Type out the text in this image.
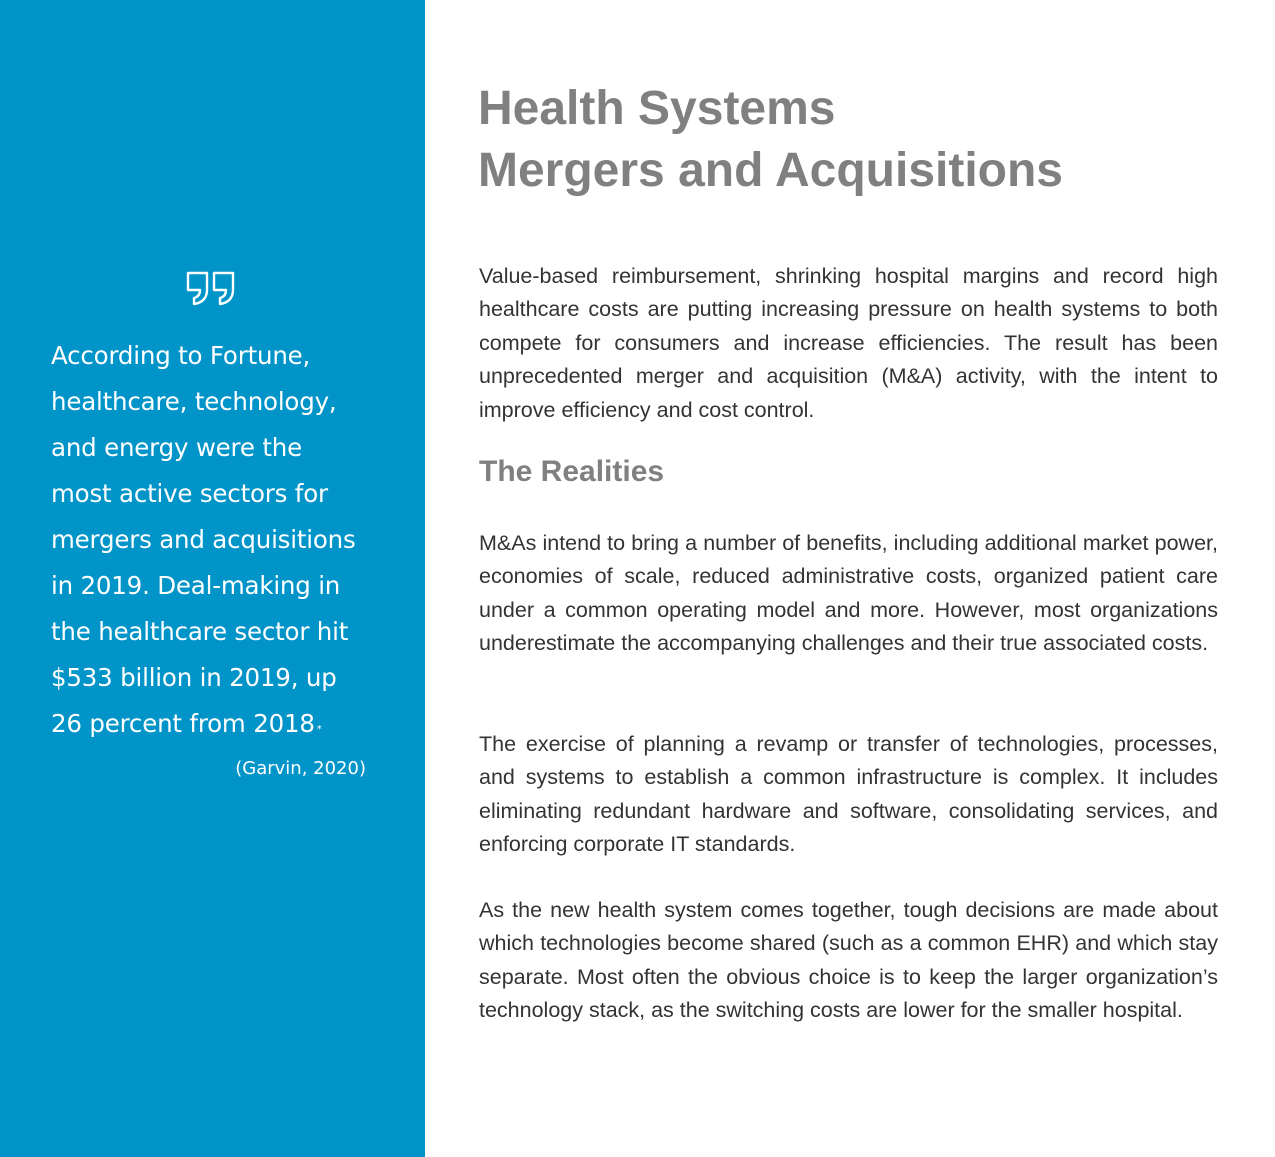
According to Fortune,
healthcare, technology,
and energy were the
most active sectors for
mergers and acquisitions
in 2019. Deal-making in
the healthcare sector hit
$533 billion in 2019, up
26 percent from 2018 *
(Garvin, 2020)
Health Systems
Mergers and Acquisitions

Value-based reimbursement, shrinking hospital margins and record high healthcare costs are putting increasing pressure on health systems to both compete for consumers and increase efficiencies. The result has been unprecedented merger and acquisition (M&A) activity, with the intent to improve efficiency and cost control.

The Realities

M&As intend to bring a number of benefits, including additional market power, economies of scale, reduced administrative costs, organized patient care under a common operating model and more. However, most organizations underestimate the accompanying challenges and their true associated costs.

The exercise of planning a revamp or transfer of technologies, processes, and systems to establish a common infrastructure is complex. It includes eliminating redundant hardware and software, consolidating services, and enforcing corporate IT standards.

As the new health system comes together, tough decisions are made about which technologies become shared (such as a common EHR) and which stay separate. Most often the obvious choice is to keep the larger organization’s technology stack, as the switching costs are lower for the smaller hospital.
